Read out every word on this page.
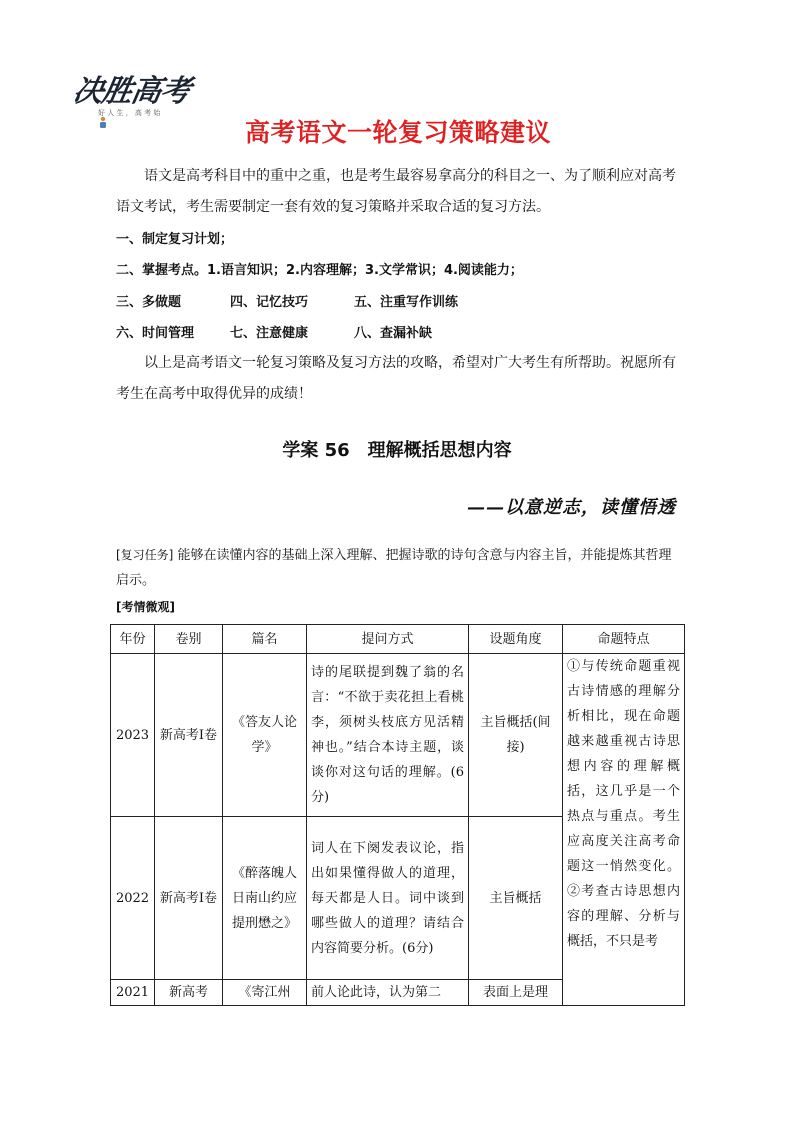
决胜高考
好 人 生 ， 高 考 始
高考语文一轮复习策略建议
语文是高考科目中的重中之重，也是考生最容易拿高分的科目之一、为了顺利应对高考语文考试，考生需要制定一套有效的复习策略并采取合适的复习方法。
一、制定复习计划；
二、掌握考点。1.语言知识；2.内容理解；3.文学常识；4.阅读能力；
三、多做题	四、记忆技巧	五、注重写作训练
六、时间管理	七、注意健康	八、查漏补缺
以上是高考语文一轮复习策略及复习方法的攻略，希望对广大考生有所帮助。祝愿所有考生在高考中取得优异的成绩！
学案 56　理解概括思想内容
——以意逆志，读懂悟透
[复习任务] 能够在读懂内容的基础上深入理解、把握诗歌的诗句含意与内容主旨，并能提炼其哲理启示。
[考情微观]
年份	卷别	篇名	提问方式	设题角度	命题特点
2023	新高考Ⅰ卷	《答友人论学》	诗的尾联提到魏了翁的名言：“不欲于卖花担上看桃李，须树头枝底方见活精神也。”结合本诗主题，谈谈你对这句话的理解。(6分)	主旨概括(间接)	①与传统命题重视古诗情感的理解分析相比，现在命题越来越重视古诗思想内容的理解概括，这几乎是一个热点与重点。考生应高度关注高考命题这一悄然变化。②考查古诗思想内容的理解、分析与概括，不只是考
2022	新高考Ⅰ卷	《醉落魄人日南山约应提刑懋之》	词人在下阕发表议论，指出如果懂得做人的道理，每天都是人日。词中谈到哪些做人的道理？请结合内容简要分析。(6分)	主旨概括	
2021	新高考	《寄江州	前人论此诗，认为第二	表面上是理	
